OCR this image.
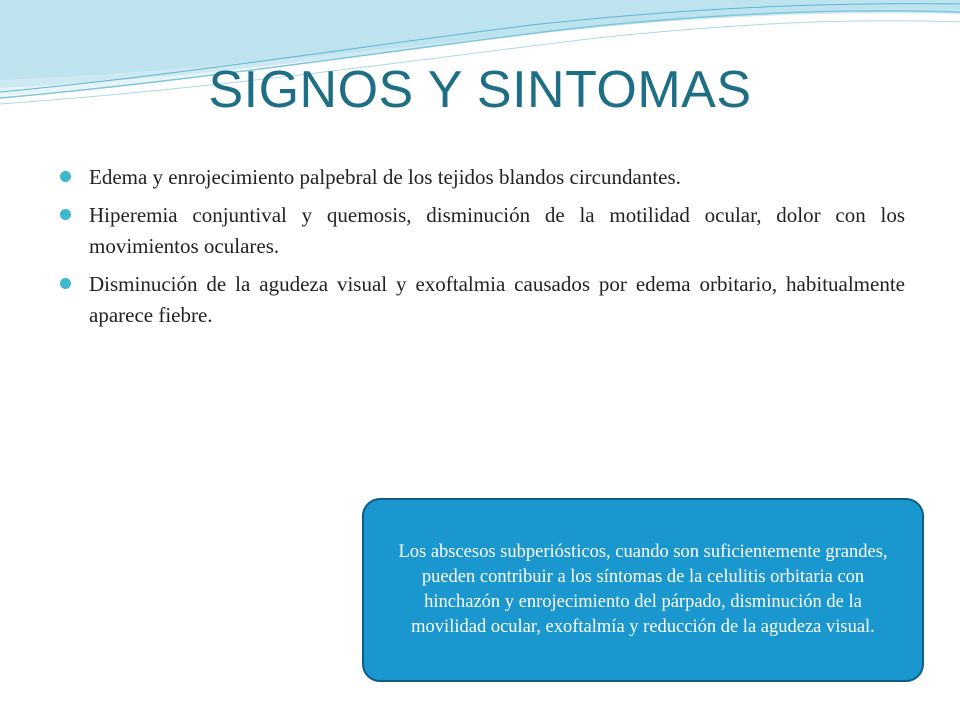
SIGNOS Y SINTOMAS
Edema y enrojecimiento palpebral de los tejidos blandos circundantes.
Hiperemia conjuntival y quemosis, disminución de la motilidad ocular, dolor con los movimientos oculares.
Disminución de la agudeza visual y exoftalmia causados por edema orbitario, habitualmente aparece fiebre.

Los abscesos subperiósticos, cuando son suficientemente grandes, pueden contribuir a los síntomas de la celulitis orbitaria con hinchazón y enrojecimiento del párpado, disminución de la movilidad ocular, exoftalmía y reducción de la agudeza visual.
